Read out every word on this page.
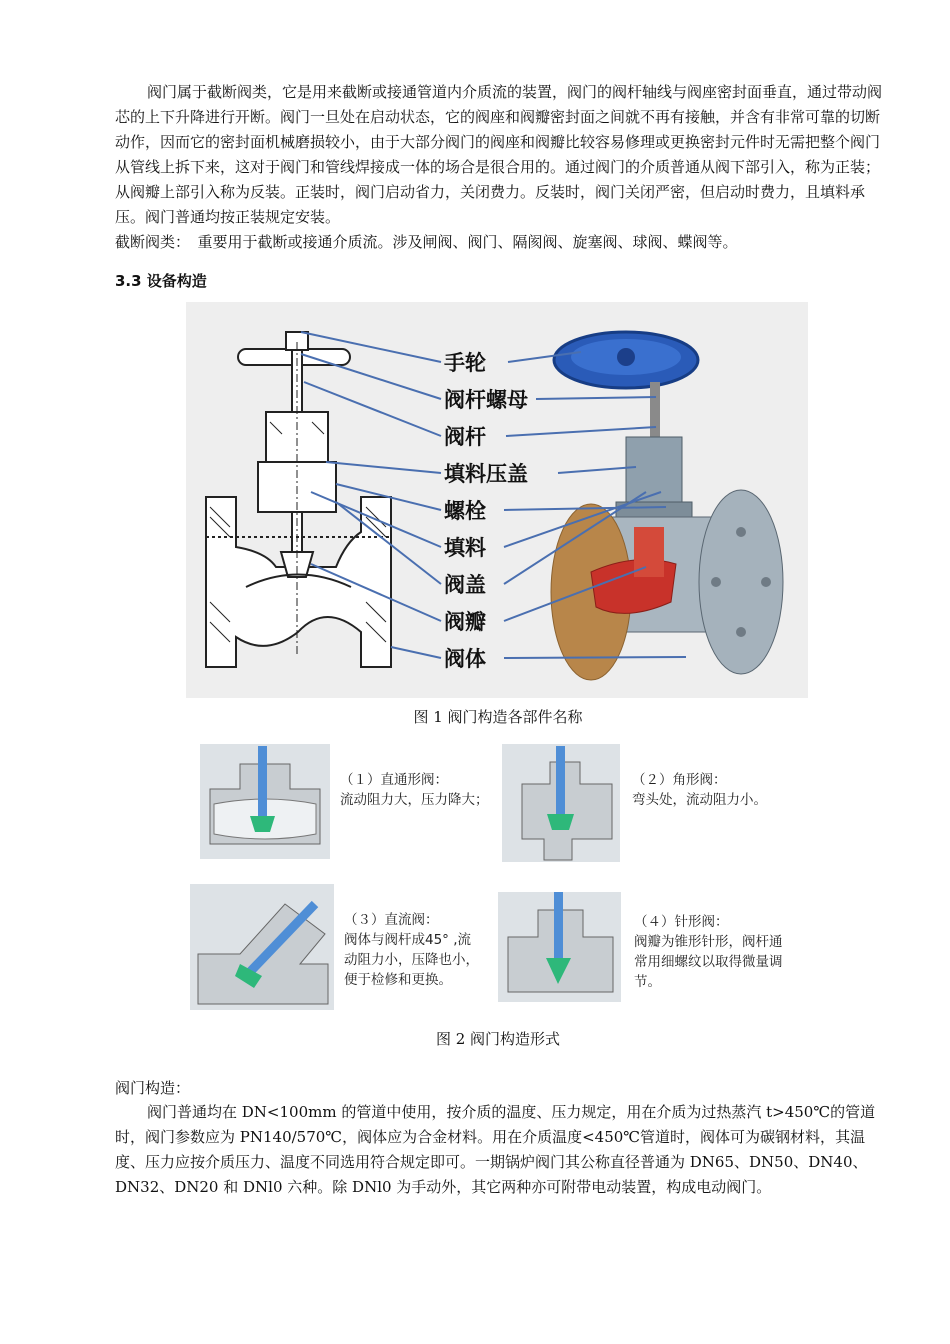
阀门属于截断阀类，它是用来截断或接通管道内介质流的装置，阀门的阀杆轴线与阀座密封面垂直，通过带动阀芯的上下升降进行开断。阀门一旦处在启动状态，它的阀座和阀瓣密封面之间就不再有接触，并含有非常可靠的切断动作，因而它的密封面机械磨损较小，由于大部分阀门的阀座和阀瓣比较容易修理或更换密封元件时无需把整个阀门从管线上拆下来，这对于阀门和管线焊接成一体的场合是很合用的。通过阀门的介质普通从阀下部引入，称为正装；从阀瓣上部引入称为反装。正装时，阀门启动省力，关闭费力。反装时，阀门关闭严密，但启动时费力，且填料承压。阀门普通均按正装规定安装。

截断阀类：　重要用于截断或接通介质流。涉及闸阀、阀门、隔阂阀、旋塞阀、球阀、蝶阀等。

3.3 设备构造
手轮
阀杆螺母
阀杆
填料压盖
螺栓
填料
阀盖
阀瓣
阀体
图 1 阀门构造各部件名称
（１）直通形阀：
流动阻力大，压力降大；
（２）角形阀：
弯头处，流动阻力小。
（３）直流阀：
阀体与阀杆成45° ,流
动阻力小，压降也小，
便于检修和更换。
（４）针形阀：
阀瓣为锥形针形，阀杆通
常用细螺纹以取得微量调
节。
图 2 阀门构造形式
阀门构造：

阀门普通均在 DN<100mm 的管道中使用，按介质的温度、压力规定，用在介质为过热蒸汽 t>450℃的管道时，阀门参数应为 PN140/570℃，阀体应为合金材料。用在介质温度<450℃管道时，阀体可为碳钢材料，其温度、压力应按介质压力、温度不同选用符合规定即可。一期锅炉阀门其公称直径普通为 DN65、DN50、DN40、DN32、DN20 和 DNl0 六种。除 DNl0 为手动外，其它两种亦可附带电动装置，构成电动阀门。
